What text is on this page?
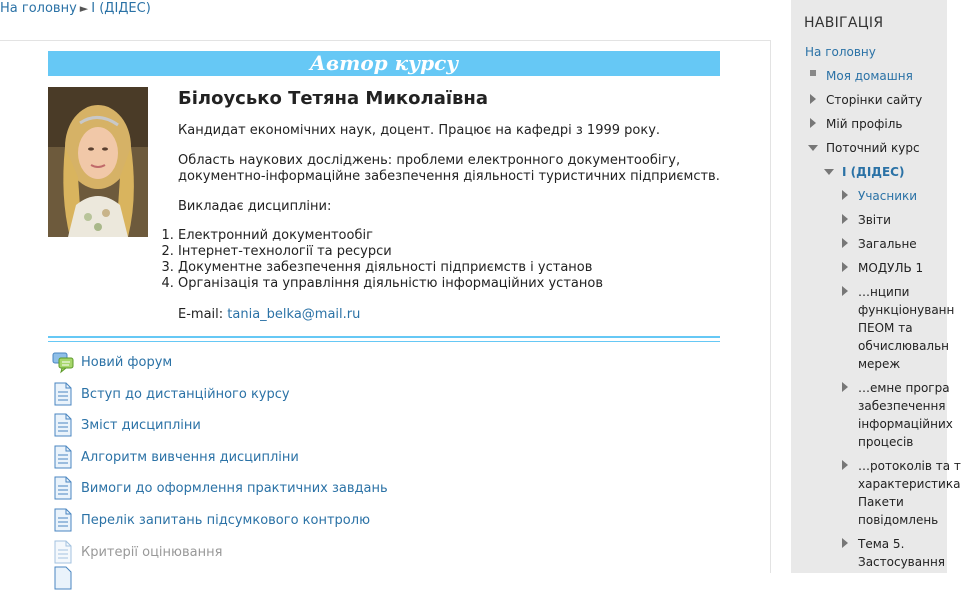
На головну ► І (ДІДЕС)
Автор курсу
Білоусько Тетяна Миколаївна
Кандидат економічних наук, доцент. Працює на кафедрі з 1999 року.
Область наукових досліджень: проблеми електронного документообігу,
документно-інформаційне забезпечення діяльності туристичних підприємств.
Викладає дисципліни:
1. Електронний документообіг
2. Інтернет-технології та ресурси
3. Документне забезпечення діяльності підприємств і установ
4. Організація та управління діяльністю інформаційних установ
E-mail: tania_belka@mail.ru
Новий форум
Вступ до дистанційного курсу
Зміст дисципліни
Алгоритм вивчення дисципліни
Вимоги до оформлення практичних завдань
Перелік запитань підсумкового контролю
Критерії оцінювання
НАВІГАЦІЯ
На головну
Моя домашня
Сторінки сайту
Мій профіль
Поточний курс
І (ДІДЕС)
Учасники
Звіти
Загальне
МОДУЛЬ 1
…нципи
функціонуванн
ПЕОМ та
обчислювальн
мереж
…емне програ
забезпечення
інформаційних
процесів
…ротоколів та т
характеристика
Пакети
повідомлень
Тема 5.
Застосування
